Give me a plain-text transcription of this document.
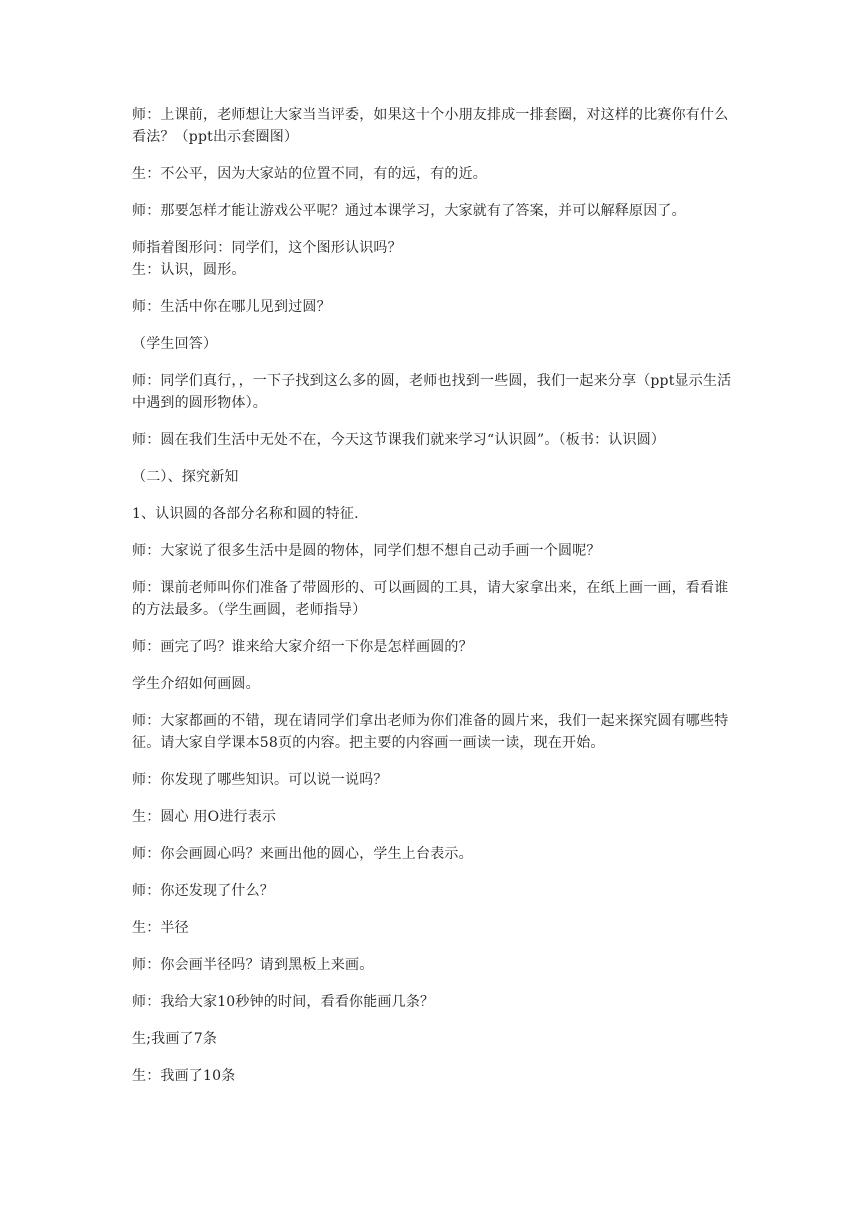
师：上课前，老师想让大家当当评委，如果这十个小朋友排成一排套圈，对这样的比赛你有什么看法？（ppt出示套圈图）

生：不公平，因为大家站的位置不同，有的远，有的近。

师：那要怎样才能让游戏公平呢？通过本课学习，大家就有了答案，并可以解释原因了。

师指着图形问：同学们，这个图形认识吗？

生：认识，圆形。

师：生活中你在哪儿见到过圆？

（学生回答）

师：同学们真行，，一下子找到这么多的圆，老师也找到一些圆，我们一起来分享（ppt显示生活中遇到的圆形物体）。

师：圆在我们生活中无处不在，今天这节课我们就来学习“认识圆”。（板书：认识圆）

（二）、探究新知

1、认识圆的各部分名称和圆的特征.

师：大家说了很多生活中是圆的物体，同学们想不想自己动手画一个圆呢？

师：课前老师叫你们准备了带圆形的、可以画圆的工具，请大家拿出来，在纸上画一画，看看谁的方法最多。（学生画圆，老师指导）

师：画完了吗？谁来给大家介绍一下你是怎样画圆的？

学生介绍如何画圆。

师：大家都画的不错，现在请同学们拿出老师为你们准备的圆片来，我们一起来探究圆有哪些特征。请大家自学课本58页的内容。把主要的内容画一画读一读，现在开始。

师：你发现了哪些知识。可以说一说吗？

生：圆心 用O进行表示

师：你会画圆心吗？来画出他的圆心，学生上台表示。

师：你还发现了什么？

生：半径

师：你会画半径吗？请到黑板上来画。

师：我给大家10秒钟的时间，看看你能画几条？

生;我画了7条

生：我画了10条
